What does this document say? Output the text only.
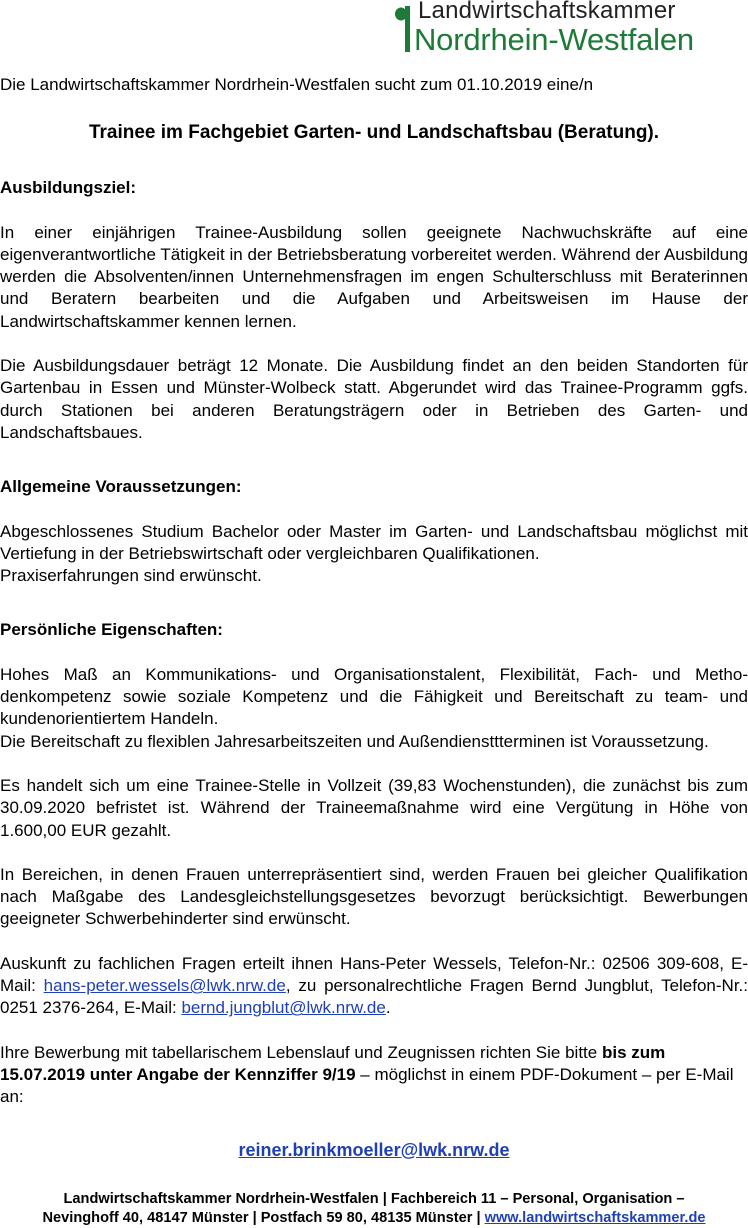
Landwirtschaftskammer
Nordrhein-Westfalen

Die Landwirtschaftskammer Nordrhein-Westfalen sucht zum 01.10.2019 eine/n

Trainee im Fachgebiet Garten- und Landschaftsbau (Beratung).

Ausbildungsziel:

In einer einjährigen Trainee-Ausbildung sollen geeignete Nachwuchskräfte auf eine eigenverantwortliche Tätigkeit in der Betriebsberatung vorbereitet werden. Während der Ausbildung werden die Absolventen/innen Unternehmensfragen im engen Schulterschluss mit Beraterinnen und Beratern bearbeiten und die Aufgaben und Arbeitsweisen im Hause der Landwirtschaftskammer kennen lernen.

Die Ausbildungsdauer beträgt 12 Monate. Die Ausbildung findet an den beiden Standorten für Gartenbau in Essen und Münster-Wolbeck statt. Abgerundet wird das Trainee-Programm ggfs. durch Stationen bei anderen Beratungsträgern oder in Betrieben des Garten- und Landschaftsbaues.

Allgemeine Voraussetzungen:

Abgeschlossenes Studium Bachelor oder Master im Garten- und Landschaftsbau möglichst mit Vertiefung in der Betriebswirtschaft oder vergleichbaren Qualifikationen.

Praxiserfahrungen sind erwünscht.

Persönliche Eigenschaften:

Hohes Maß an Kommunikations- und Organisationstalent, Flexibilität, Fach- und Methodenkompetenz sowie soziale Kompetenz und die Fähigkeit und Bereitschaft zu team- und kundenorientiertem Handeln.

Die Bereitschaft zu flexiblen Jahresarbeitszeiten und Außendiensttterminen ist Voraussetzung.

Es handelt sich um eine Trainee-Stelle in Vollzeit (39,83 Wochenstunden), die zunächst bis zum 30.09.2020 befristet ist. Während der Traineemaßnahme wird eine Vergütung in Höhe von 1.600,00 EUR gezahlt.

In Bereichen, in denen Frauen unterrepräsentiert sind, werden Frauen bei gleicher Qualifikation nach Maßgabe des Landesgleichstellungsgesetzes bevorzugt berücksichtigt. Bewerbungen geeigneter Schwerbehinderter sind erwünscht.

Auskunft zu fachlichen Fragen erteilt ihnen Hans-Peter Wessels, Telefon-Nr.: 02506 309-608, E-Mail: hans-peter.wessels@lwk.nrw.de, zu personalrechtliche Fragen Bernd Jungblut, Telefon-Nr.: 0251 2376-264, E-Mail: bernd.jungblut@lwk.nrw.de.

Ihre Bewerbung mit tabellarischem Lebenslauf und Zeugnissen richten Sie bitte bis zum 15.07.2019 unter Angabe der Kennziffer 9/19 – möglichst in einem PDF-Dokument – per E-Mail an:

reiner.brinkmoeller@lwk.nrw.de

Landwirtschaftskammer Nordrhein-Westfalen | Fachbereich 11 – Personal, Organisation –
Nevinghoff 40, 48147 Münster | Postfach 59 80, 48135 Münster | www.landwirtschaftskammer.de
